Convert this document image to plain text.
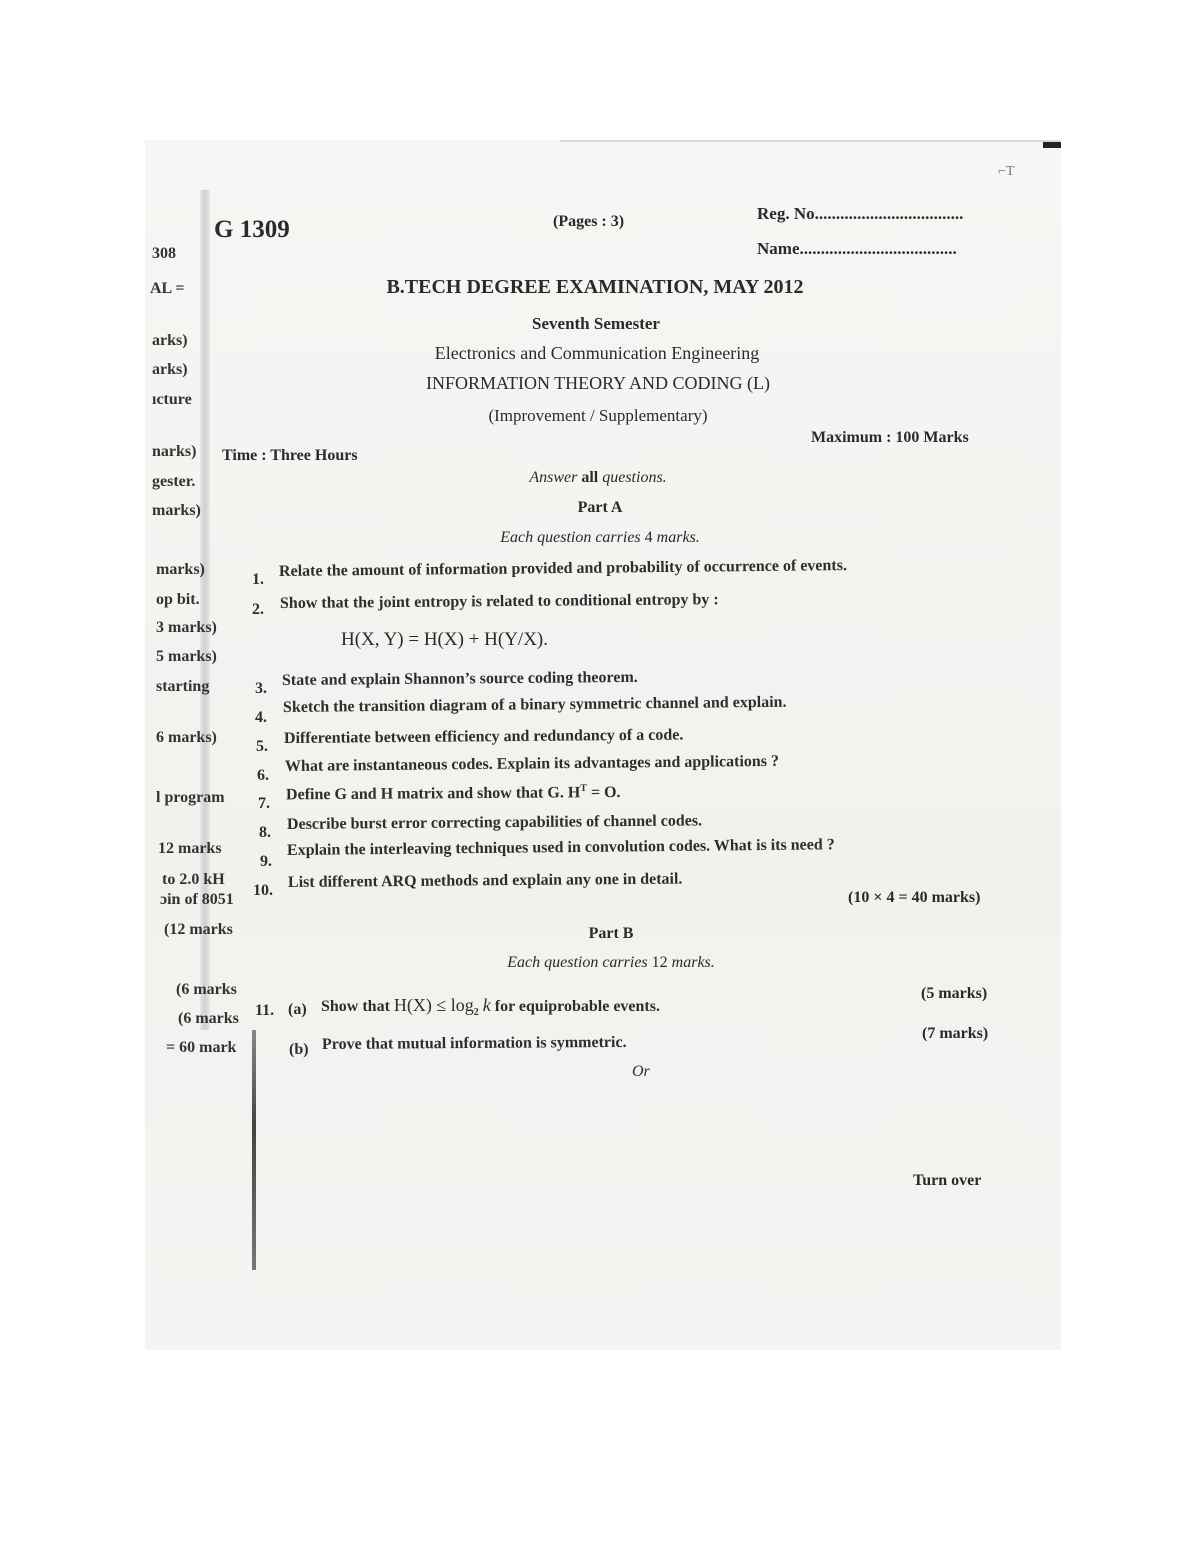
⌐T
308
AL =
arks)
arks)
ıcture
narks)
gester.
marks)
marks)
op bit.
3 marks)
5 marks)
starting
6 marks)
l program
12 marks
to 2.0 kH
ɔin of 8051
(12 marks
(6 marks
(6 marks
= 60 mark
G 1309	(Pages : 3)	Reg. No...................................
Name.....................................
B.TECH DEGREE EXAMINATION, MAY 2012
Seventh Semester
Electronics and Communication Engineering
INFORMATION THEORY AND CODING (L)
(Improvement / Supplementary)
Time : Three Hours
Maximum : 100 Marks
Answer all questions.
Part A
Each question carries 4 marks.
1. Relate the amount of information provided and probability of occurrence of events.
2. Show that the joint entropy is related to conditional entropy by :
H(X, Y) = H(X) + H(Y/X).
3. State and explain Shannon’s source coding theorem.
4.
Sketch the transition diagram of a binary symmetric channel and explain.
5. Differentiate between efficiency and redundancy of a code.
6.
What are instantaneous codes. Explain its advantages and applications ?
7.
Define G and H matrix and show that G. $H^T = O$.
8. Describe burst error correcting capabilities of channel codes.
9.
Explain the interleaving techniques used in convolution codes. What is its need ?
10. List different ARQ methods and explain any one in detail.
(10 × 4 = 40 marks)
Part B
Each question carries 12 marks.
11. (a) Show that $H(X) \le \log_2 k$ for equiprobable events.
(5 marks)
(b) Prove that mutual information is symmetric.
(7 marks)
Or
Turn over
